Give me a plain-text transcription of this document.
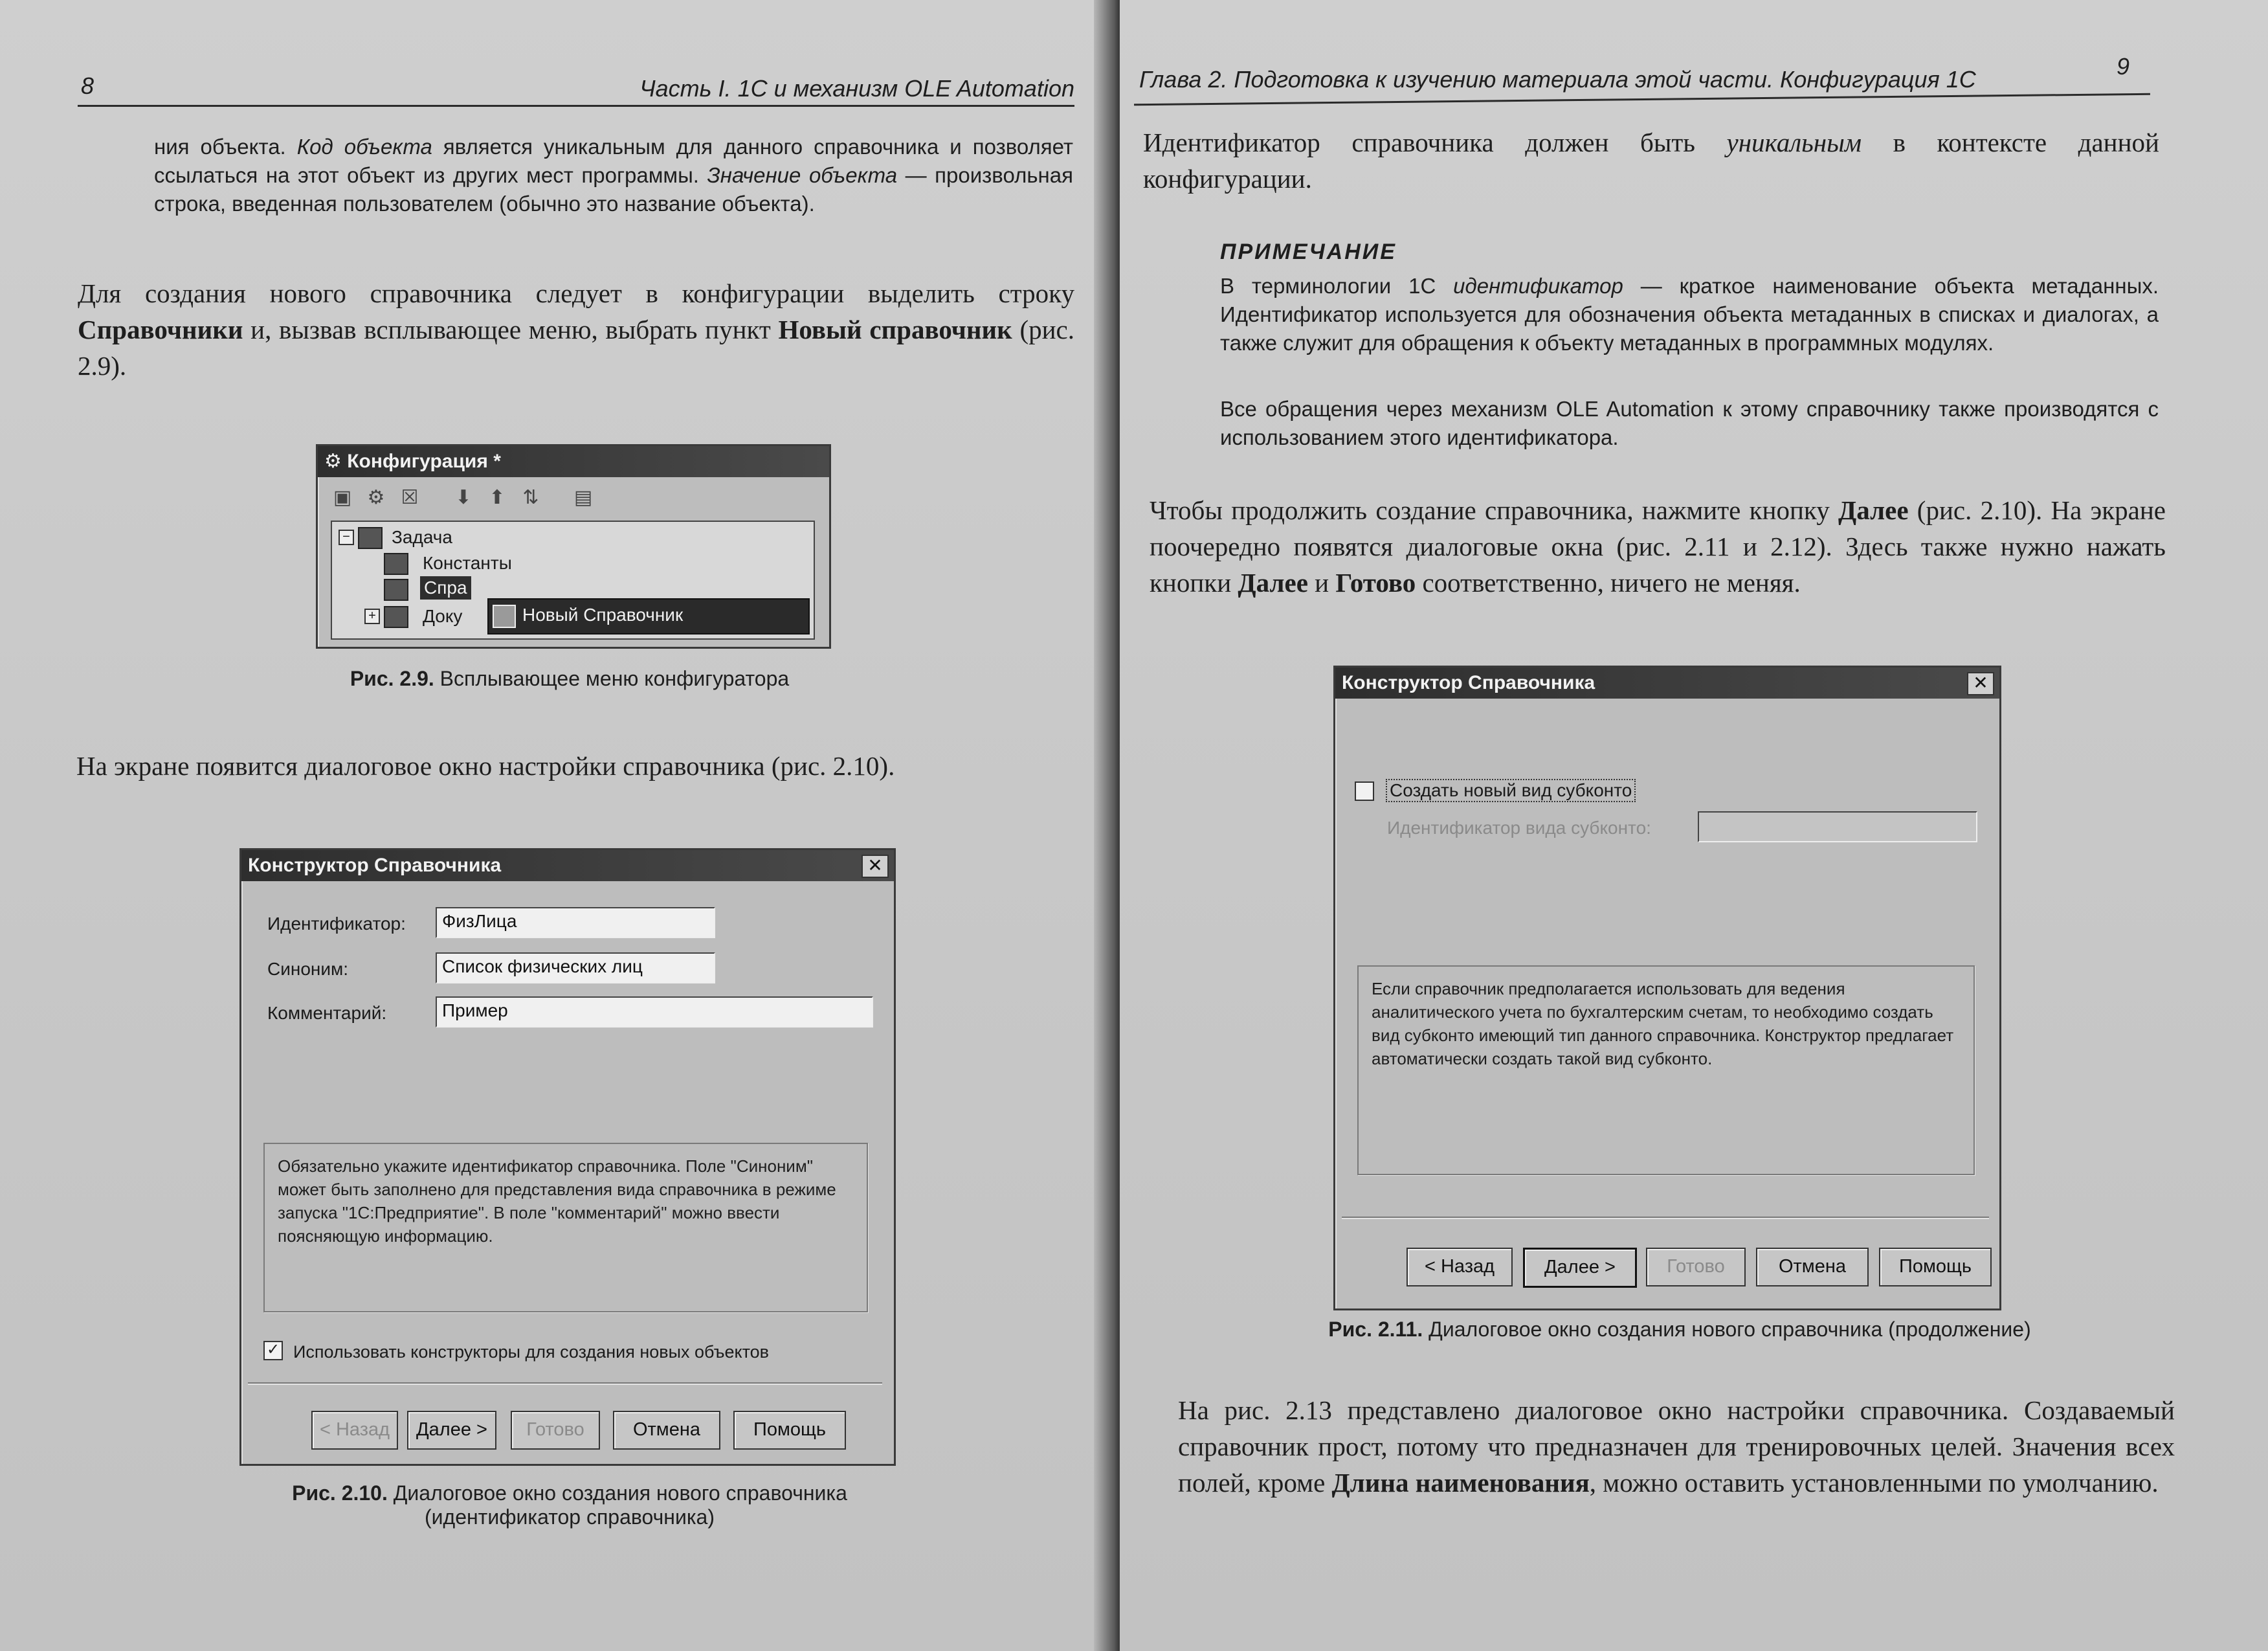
8	Часть I. 1С и механизм OLE Automation
ния объекта. Код объекта является уникальным для данного справочника и позволяет ссылаться на этот объект из других мест программы. Значение объекта — произвольная строка, введенная пользователем (обычно это название объекта).
Для создания нового справочника следует в конфигурации выделить строку Справочники и, вызвав всплывающее меню, выбрать пункт Новый справочник (рис. 2.9).
⚙ Конфигурация *
▣ ⚙ ☒ ⬇ ⬆ ⇅ ▤
− Задача
Константы
Спра
+	Доку	Новый Справочник
Рис. 2.9. Всплывающее меню конфигуратора
На экране появится диалоговое окно настройки справочника (рис. 2.10).
Конструктор Справочника	✕
Идентификатор:	ФизЛица
Синоним:	Список физических лиц
Комментарий:	Пример
Обязательно укажите идентификатор справочника. Поле "Синоним" может быть заполнено для представления вида справочника в режиме запуска "1С:Предприятие". В поле "комментарий" можно ввести поясняющую информацию.
✓ Использовать конструкторы для создания новых объектов
< Назад	Далее >	Готово	Отмена	Помощь
Рис. 2.10. Диалоговое окно создания нового справочника
(идентификатор справочника)
Глава 2. Подготовка к изучению материала этой части. Конфигурация 1С	9
Идентификатор справочника должен быть уникальным в контексте данной конфигурации.
ПРИМЕЧАНИЕ
В терминологии 1С идентификатор — краткое наименование объекта метаданных. Идентификатор используется для обозначения объекта метаданных в списках и диалогах, а также служит для обращения к объекту метаданных в программных модулях.
Все обращения через механизм OLE Automation к этому справочнику также производятся с использованием этого идентификатора.
Чтобы продолжить создание справочника, нажмите кнопку Далее (рис. 2.10). На экране поочередно появятся диалоговые окна (рис. 2.11 и 2.12). Здесь также нужно нажать кнопки Далее и Готово соответственно, ничего не меняя.
Конструктор Справочника	✕
Создать новый вид субконто
Идентификатор вида субконто:
Если справочник предполагается использовать для ведения аналитического учета по бухгалтерским счетам, то необходимо создать вид субконто имеющий тип данного справочника. Конструктор предлагает автоматически создать такой вид субконто.
< Назад	Далее >	Готово	Отмена	Помощь
Рис. 2.11. Диалоговое окно создания нового справочника (продолжение)
На рис. 2.13 представлено диалоговое окно настройки справочника. Создаваемый справочник прост, потому что предназначен для тренировочных целей. Значения всех полей, кроме Длина наименования, можно оставить установленными по умолчанию.
